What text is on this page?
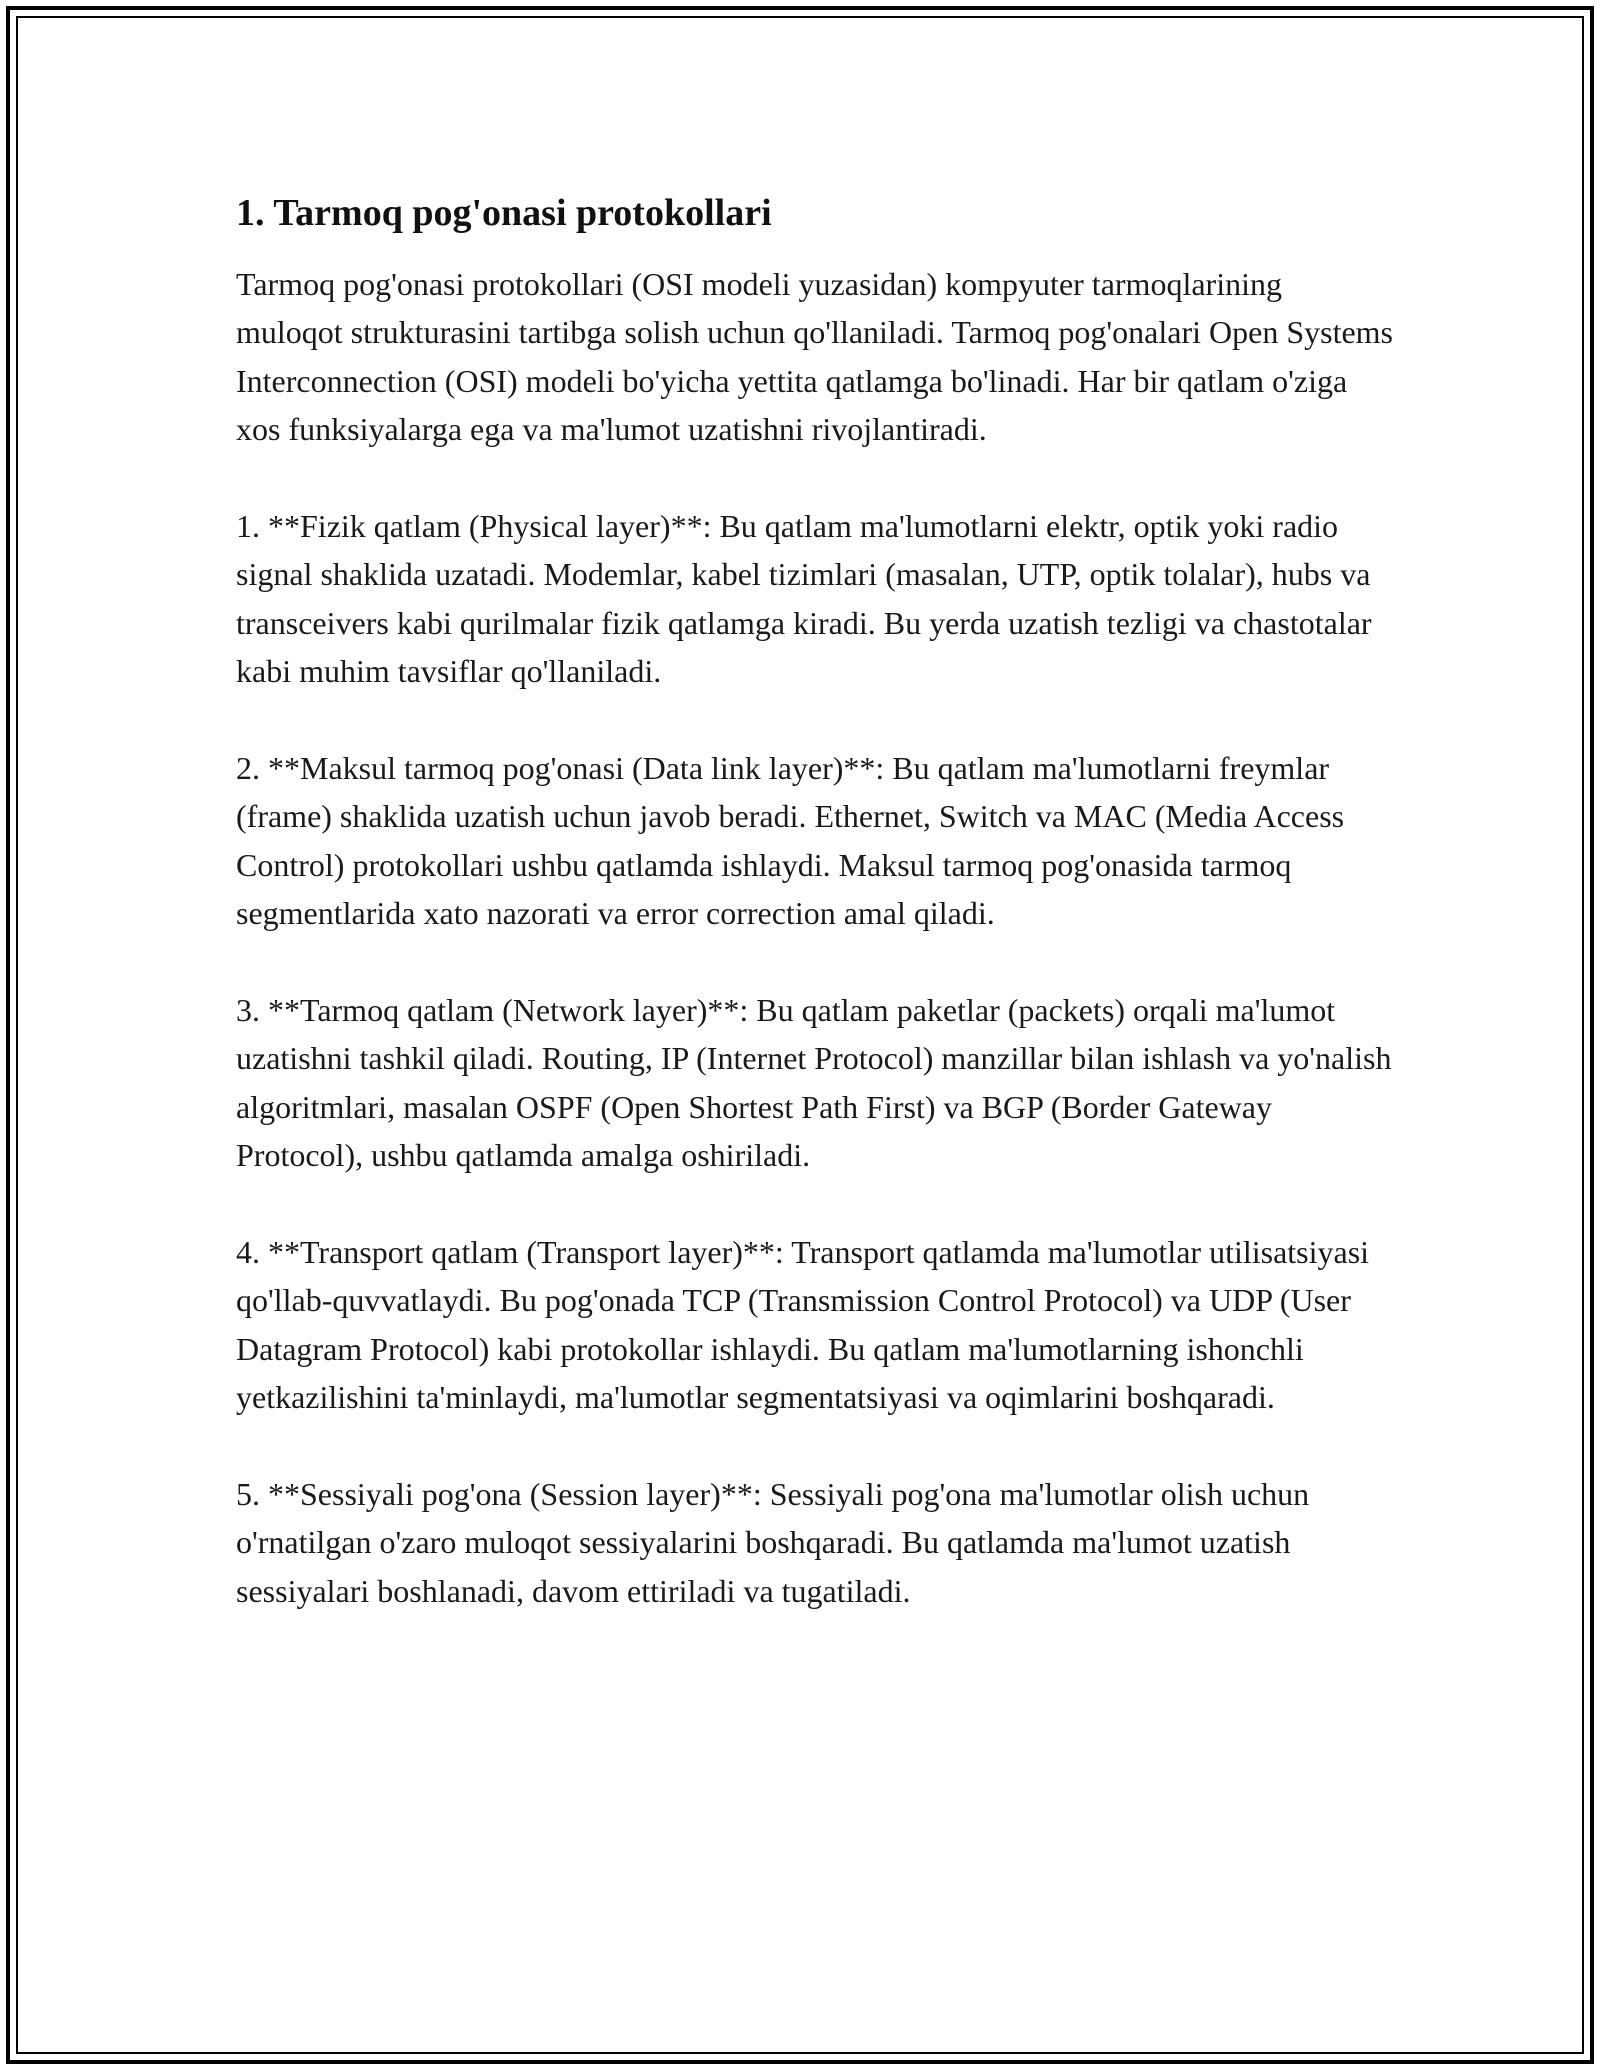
1. Tarmoq pog'onasi protokollari

Tarmoq pog'onasi protokollari (OSI modeli yuzasidan) kompyuter tarmoqlarining muloqot strukturasini tartibga solish uchun qo'llaniladi. Tarmoq pog'onalari Open Systems Interconnection (OSI) modeli bo'yicha yettita qatlamga bo'linadi. Har bir qatlam o'ziga xos funksiyalarga ega va ma'lumot uzatishni rivojlantiradi.

1. **Fizik qatlam (Physical layer)**: Bu qatlam ma'lumotlarni elektr, optik yoki radio signal shaklida uzatadi. Modemlar, kabel tizimlari (masalan, UTP, optik tolalar), hubs va transceivers kabi qurilmalar fizik qatlamga kiradi. Bu yerda uzatish tezligi va chastotalar kabi muhim tavsiflar qo'llaniladi.

2. **Maksul tarmoq pog'onasi (Data link layer)**: Bu qatlam ma'lumotlarni freymlar (frame) shaklida uzatish uchun javob beradi. Ethernet, Switch va MAC (Media Access Control) protokollari ushbu qatlamda ishlaydi. Maksul tarmoq pog'onasida tarmoq segmentlarida xato nazorati va error correction amal qiladi.

3. **Tarmoq qatlam (Network layer)**: Bu qatlam paketlar (packets) orqali ma'lumot uzatishni tashkil qiladi. Routing, IP (Internet Protocol) manzillar bilan ishlash va yo'nalish algoritmlari, masalan OSPF (Open Shortest Path First) va BGP (Border Gateway Protocol), ushbu qatlamda amalga oshiriladi.

4. **Transport qatlam (Transport layer)**: Transport qatlamda ma'lumotlar utilisatsiyasi qo'llab-quvvatlaydi. Bu pog'onada TCP (Transmission Control Protocol) va UDP (User Datagram Protocol) kabi protokollar ishlaydi. Bu qatlam ma'lumotlarning ishonchli yetkazilishini ta'minlaydi, ma'lumotlar segmentatsiyasi va oqimlarini boshqaradi.

5. **Sessiyali pog'ona (Session layer)**: Sessiyali pog'ona ma'lumotlar olish uchun o'rnatilgan o'zaro muloqot sessiyalarini boshqaradi. Bu qatlamda ma'lumot uzatish sessiyalari boshlanadi, davom ettiriladi va tugatiladi.
